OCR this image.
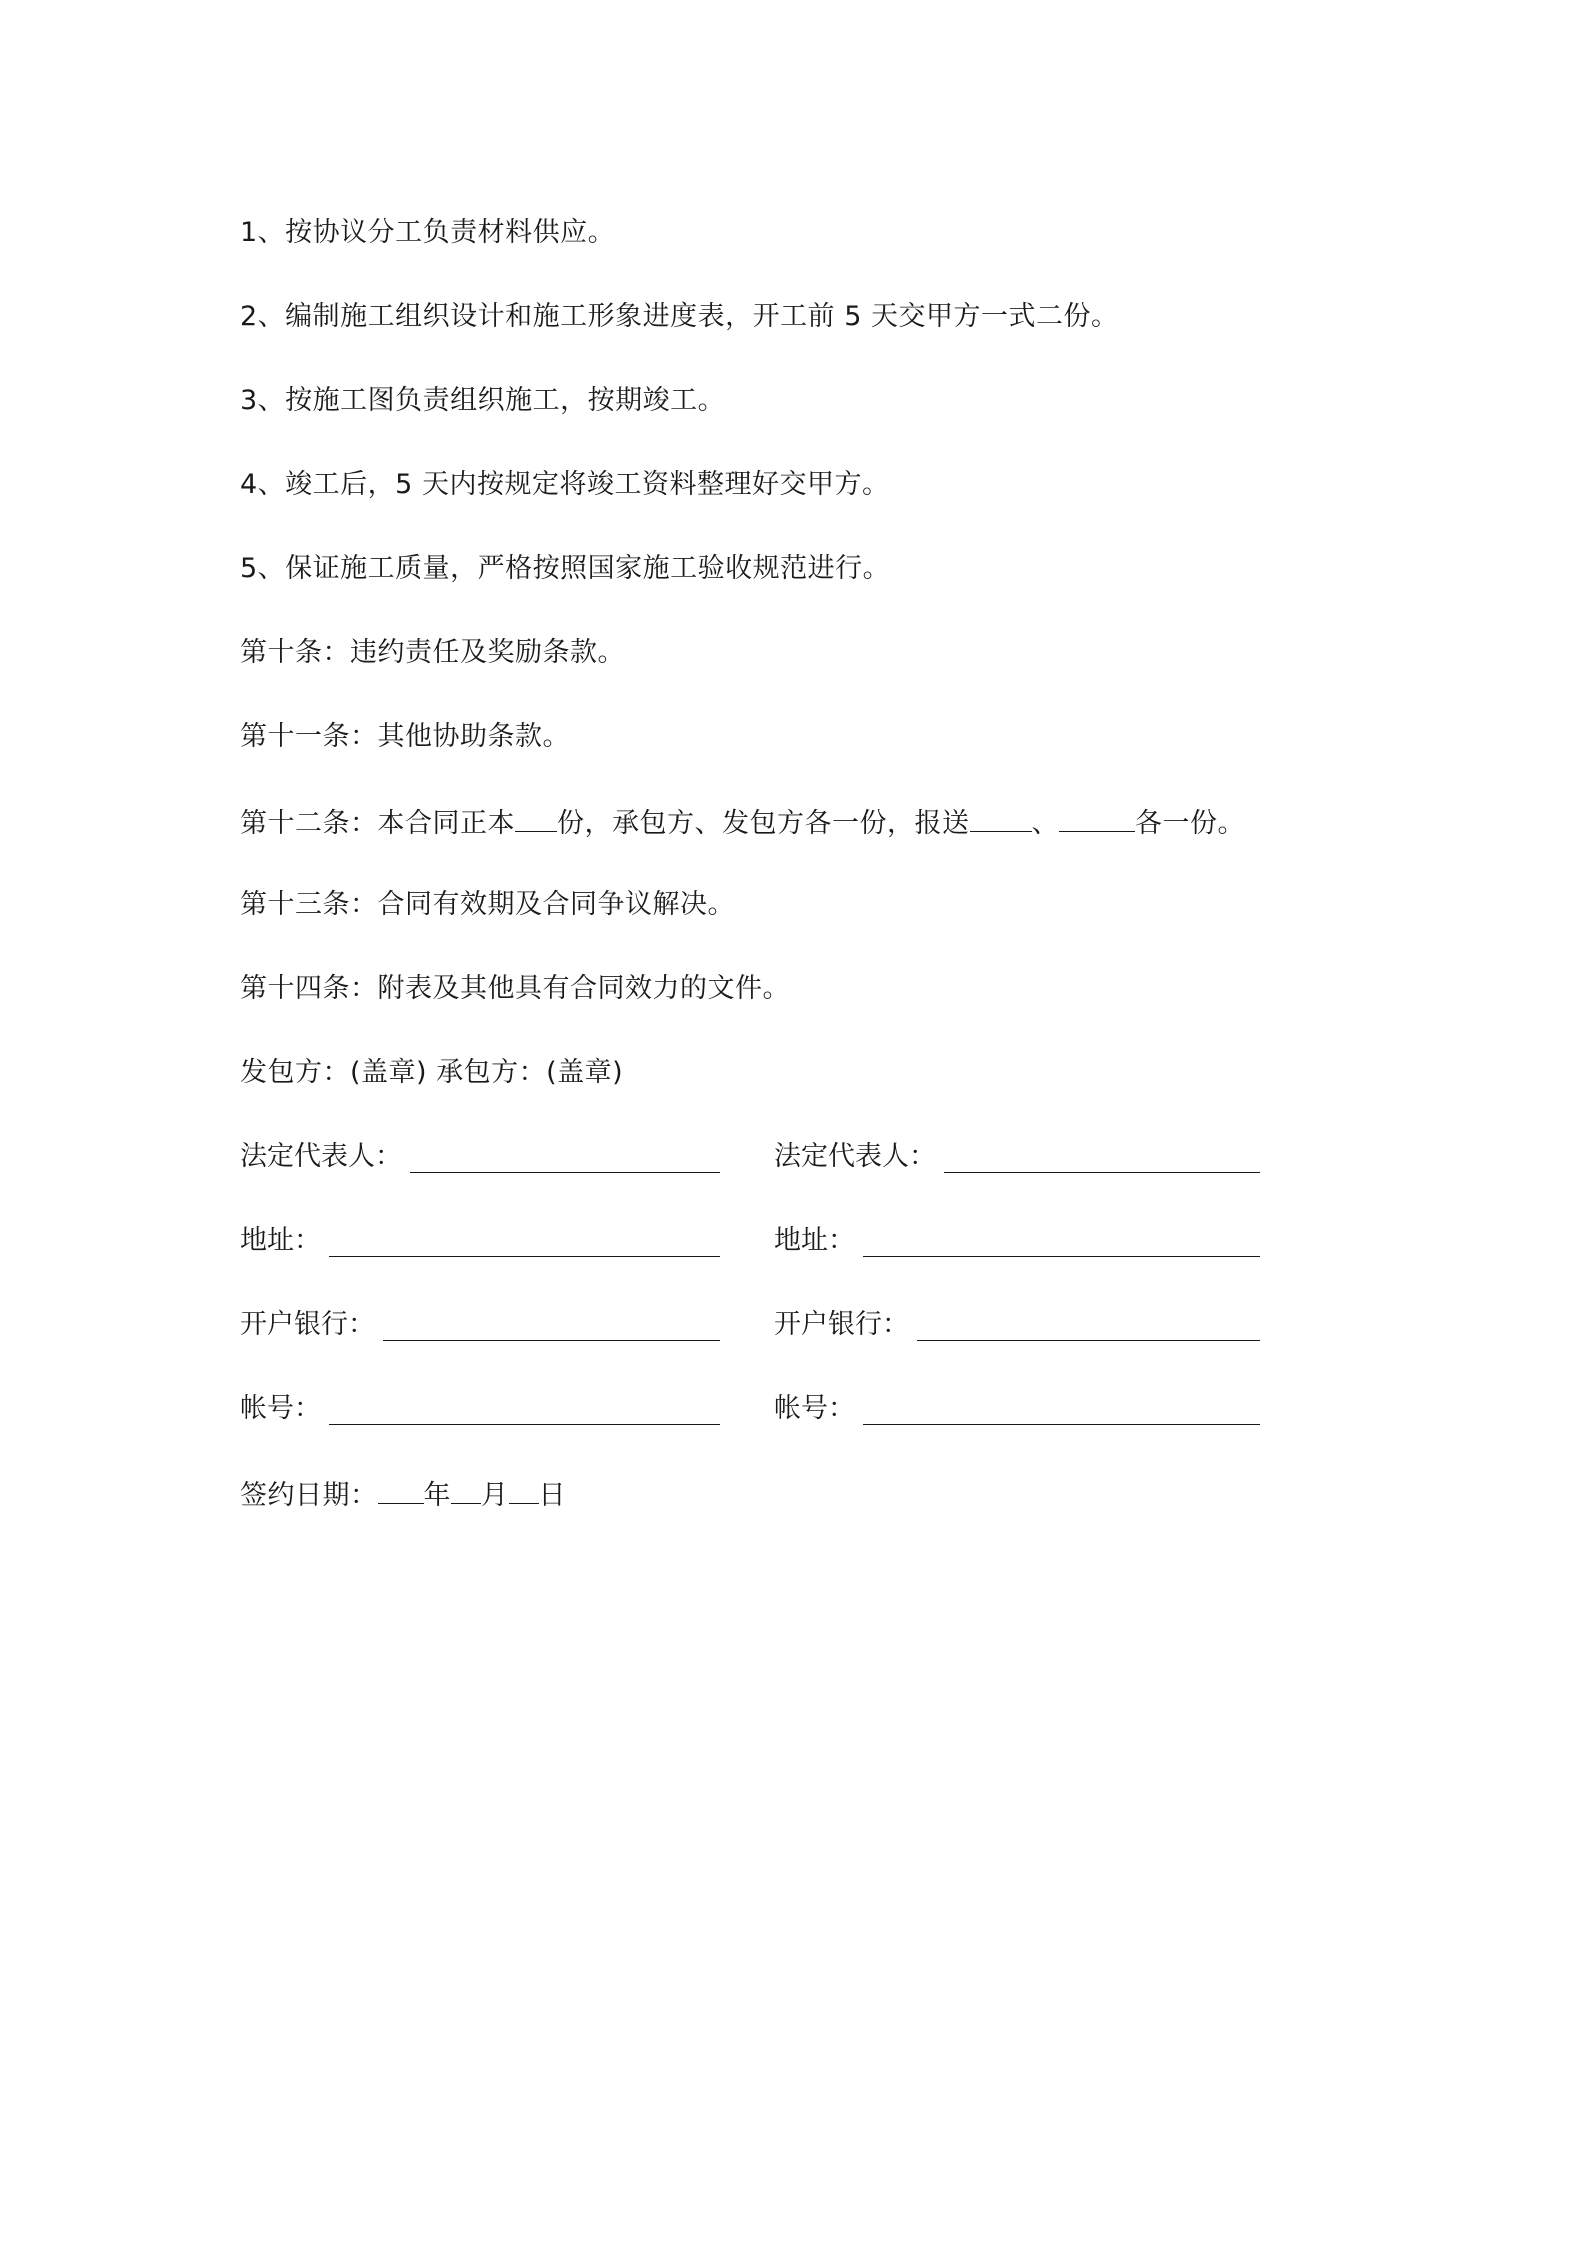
1、按协议分工负责材料供应。
2、编制施工组织设计和施工形象进度表，开工前 5 天交甲方一式二份。
3、按施工图负责组织施工，按期竣工。
4、竣工后，5 天内按规定将竣工资料整理好交甲方。
5、保证施工质量，严格按照国家施工验收规范进行。
第十条：违约责任及奖励条款。
第十一条：其他协助条款。
第十二条：本合同正本 份，承包方、发包方各一份，报送 、	各一份。
第十三条：合同有效期及合同争议解决。
第十四条：附表及其他具有合同效力的文件。
发包方：(盖章) 承包方：(盖章)
法定代表人：	法定代表人：
地址：	地址：
开户银行：	开户银行：
帐号：	帐号：
签约日期： 年 月 日
